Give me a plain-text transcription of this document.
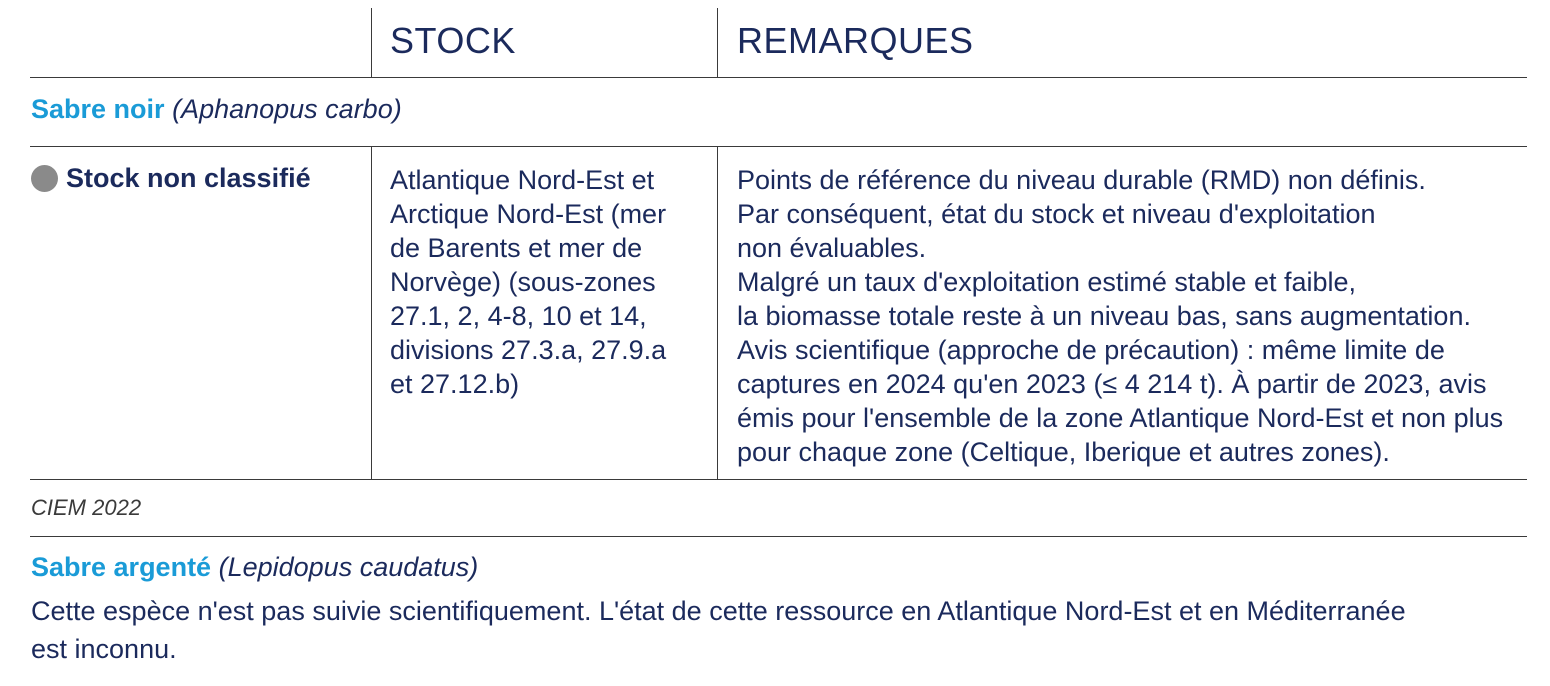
STOCK	REMARQUES
Sabre noir (Aphanopus carbo)
Stock non classifié	Atlantique Nord-Est et
Arctique Nord-Est (mer
de Barents et mer de
Norvège) (sous-zones
27.1, 2, 4-8, 10 et 14,
divisions 27.3.a, 27.9.a
et 27.12.b)
Points de référence du niveau durable (RMD) non définis.
Par conséquent, état du stock et niveau d'exploitation
non évaluables.
Malgré un taux d'exploitation estimé stable et faible,
la biomasse totale reste à un niveau bas, sans augmentation.
Avis scientifique (approche de précaution) : même limite de
captures en 2024 qu'en 2023 (≤ 4 214 t). À partir de 2023, avis
émis pour l'ensemble de la zone Atlantique Nord-Est et non plus
pour chaque zone (Celtique, Iberique et autres zones).
CIEM 2022
Sabre argenté (Lepidopus caudatus)
Cette espèce n'est pas suivie scientifiquement. L'état de cette ressource en Atlantique Nord-Est et en Méditerranée
est inconnu.
